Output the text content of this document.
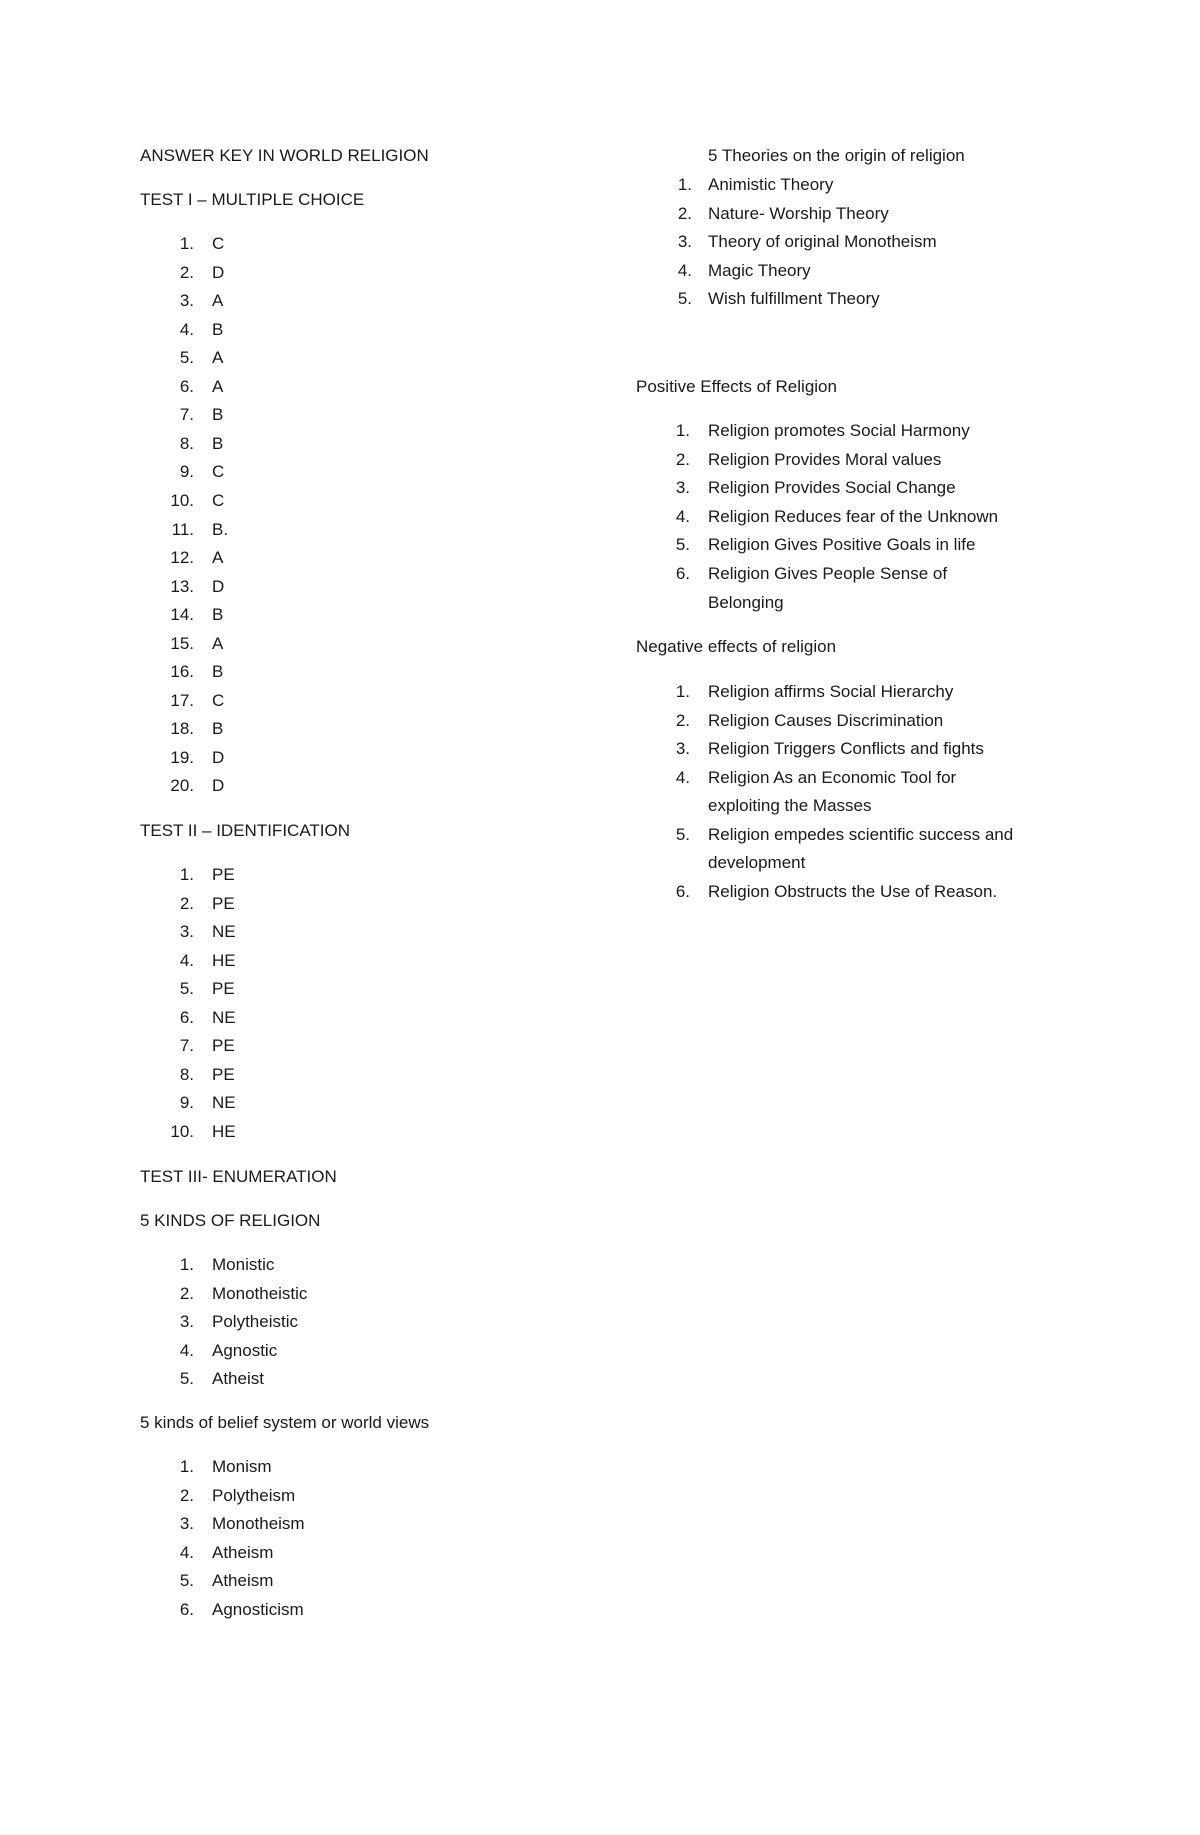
ANSWER KEY IN WORLD RELIGION
TEST I – MULTIPLE CHOICE
1. C
2. D
3. A
4. B
5. A
6. A
7. B
8. B
9. C
10. C
11. B.
12. A
13. D
14. B
15. A
16. B
17. C
18. B
19. D
20. D
TEST II – IDENTIFICATION
1. PE
2. PE
3. NE
4. HE
5. PE
6. NE
7. PE
8. PE
9. NE
10. HE
TEST III- ENUMERATION
5 KINDS OF RELIGION
1. Monistic
2. Monotheistic
3. Polytheistic
4. Agnostic
5. Atheist
5 kinds of belief system or world views
1. Monism
2. Polytheism
3. Monotheism
4. Atheism
5. Atheism
6. Agnosticism
5 Theories on the origin of religion
1. Animistic Theory
2. Nature- Worship Theory
3. Theory of original Monotheism
4. Magic Theory
5. Wish fulfillment Theory
Positive Effects of Religion
1. Religion promotes Social Harmony
2. Religion Provides Moral values
3. Religion Provides Social Change
4. Religion Reduces fear of the Unknown
5. Religion Gives Positive Goals in life
6. Religion Gives People Sense of
Belonging
Negative effects of religion
1. Religion affirms Social Hierarchy
2. Religion Causes Discrimination
3. Religion Triggers Conflicts and fights
4. Religion As an Economic Tool for
exploiting the Masses
5. Religion empedes scientific success and
development
6. Religion Obstructs the Use of Reason.
